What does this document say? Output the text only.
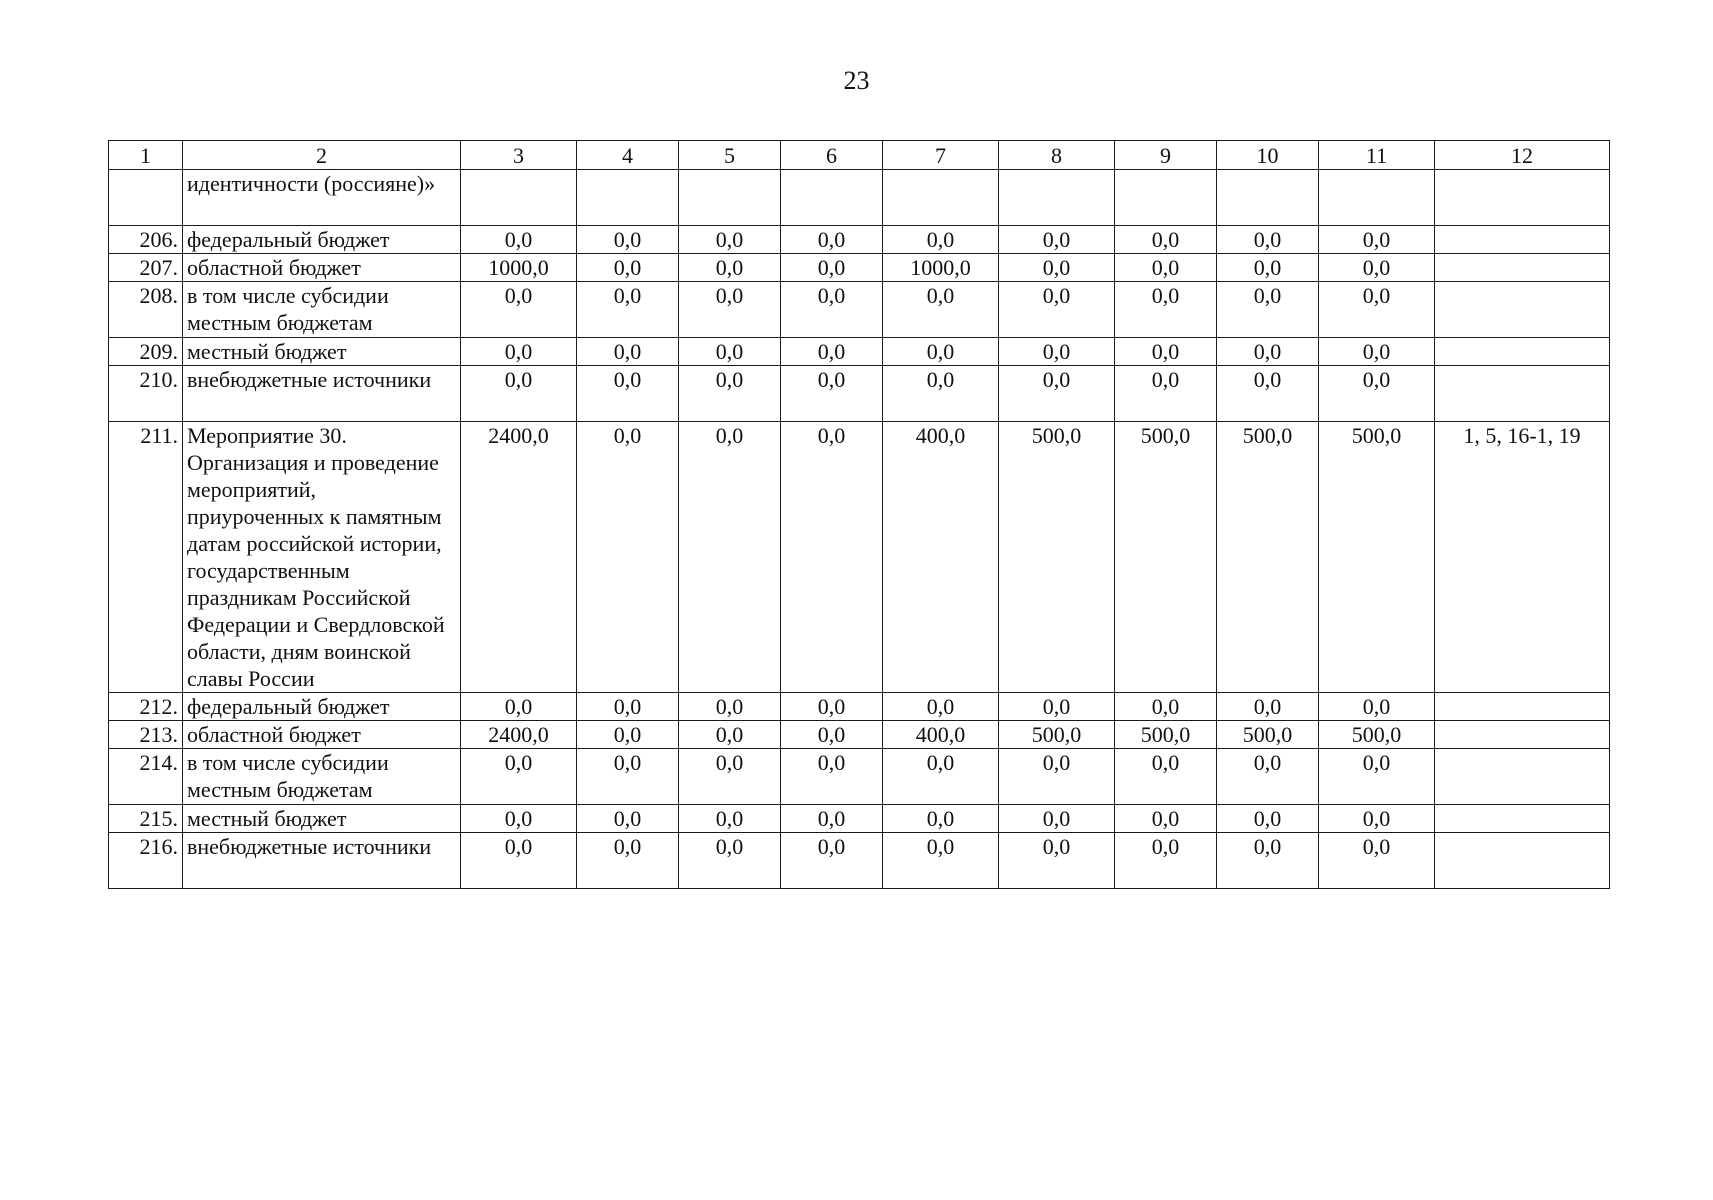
23
1	2	3	4	5	6	7	8	9	10	11	12
	идентичности (россияне)»										
206.	федеральный бюджет	0,0	0,0	0,0	0,0	0,0	0,0	0,0	0,0	0,0	
207.	областной бюджет	1000,0	0,0	0,0	0,0	1000,0	0,0	0,0	0,0	0,0	
208.	в том числе субсидии местным бюджетам	0,0	0,0	0,0	0,0	0,0	0,0	0,0	0,0	0,0	
209.	местный бюджет	0,0	0,0	0,0	0,0	0,0	0,0	0,0	0,0	0,0	
210.	внебюджетные источники	0,0	0,0	0,0	0,0	0,0	0,0	0,0	0,0	0,0	
211.	Мероприятие 30. Организация и проведение мероприятий, приуроченных к памятным датам российской истории, государственным праздникам Российской Федерации и Свердловской области, дням воинской славы России	2400,0	0,0	0,0	0,0	400,0	500,0	500,0	500,0	500,0	1, 5, 16-1, 19
212.	федеральный бюджет	0,0	0,0	0,0	0,0	0,0	0,0	0,0	0,0	0,0	
213.	областной бюджет	2400,0	0,0	0,0	0,0	400,0	500,0	500,0	500,0	500,0	
214.	в том числе субсидии местным бюджетам	0,0	0,0	0,0	0,0	0,0	0,0	0,0	0,0	0,0	
215.	местный бюджет	0,0	0,0	0,0	0,0	0,0	0,0	0,0	0,0	0,0	
216.	внебюджетные источники	0,0	0,0	0,0	0,0	0,0	0,0	0,0	0,0	0,0	
